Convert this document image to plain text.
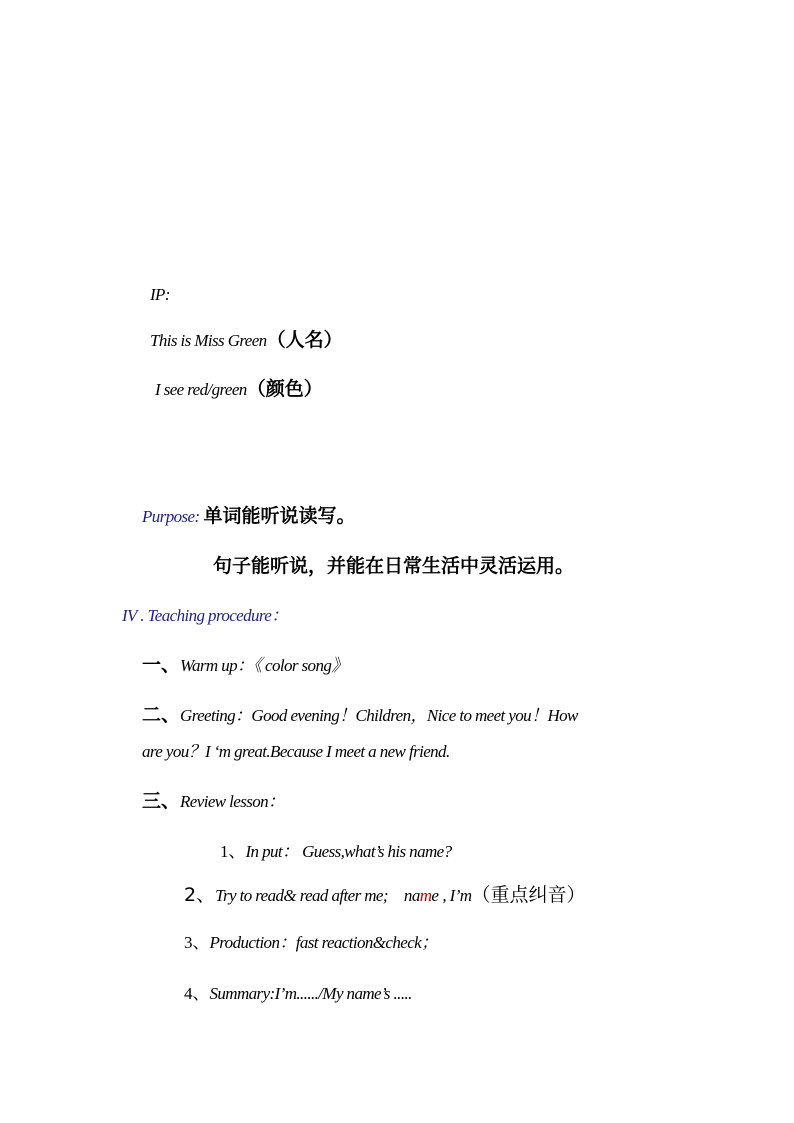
IP:
This is Miss Green（人名）
I see red/green（颜色）
Purpose: 单词能听说读写。
句子能听说，并能在日常生活中灵活运用。
IV . Teaching procedure：
一、Warm up：《 color song》
二、Greeting：Good evening！Children，Nice to meet you！How
are you？I ‘m great.Because I meet a new friend.
三、Review lesson：
1、In put： Guess,what’s his name?
2、Try to read& read after me; name , I’m（重点纠音）
3、Production：fast reaction&check；
4、Summary:I’m....../My name’s .....
